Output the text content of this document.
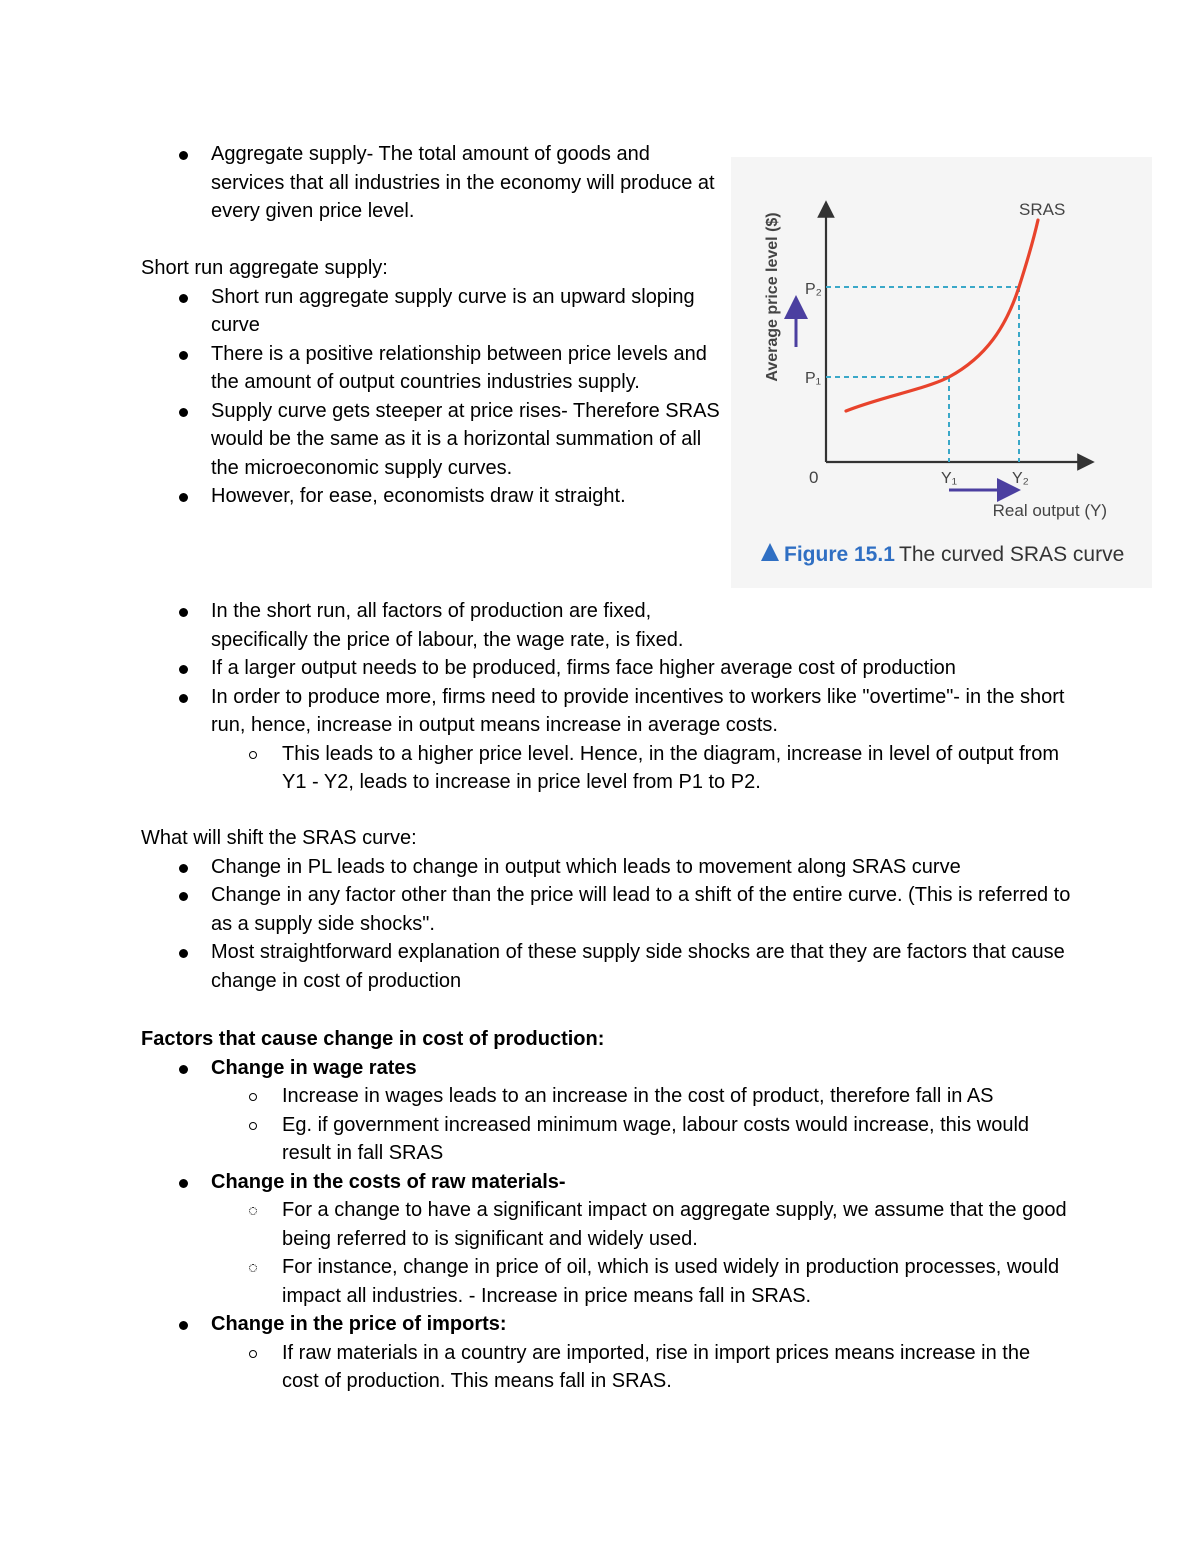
Aggregate supply- The total amount of goods and services that all industries in the economy will produce at every given price level.
Short run aggregate supply:
Short run aggregate supply curve is an upward sloping curve
There is a positive relationship between price levels and the amount of output countries industries supply.
Supply curve gets steeper at price rises- Therefore SRAS would be the same as it is a horizontal summation of all the microeconomic supply curves.
However, for ease, economists draw it straight.
Average price level ($)
SRAS
P₂
P₁
0	Y₁	Y₂
Real output (Y)
Figure 15.1 The curved SRAS curve
In the short run, all factors of production are fixed, specifically the price of labour, the wage rate, is fixed.
If a larger output needs to be produced, firms face higher average cost of production
In order to produce more, firms need to provide incentives to workers like "overtime"- in the short run, hence, increase in output means increase in average costs.
This leads to a higher price level. Hence, in the diagram, increase in level of output from Y1 - Y2, leads to increase in price level from P1 to P2.
What will shift the SRAS curve:
Change in PL leads to change in output which leads to movement along SRAS curve
Change in any factor other than the price will lead to a shift of the entire curve. (This is referred to as a supply side shocks".
Most straightforward explanation of these supply side shocks are that they are factors that cause change in cost of production
Factors that cause change in cost of production:
Change in wage rates
Increase in wages leads to an increase in the cost of product, therefore fall in AS
Eg. if government increased minimum wage, labour costs would increase, this would result in fall SRAS
Change in the costs of raw materials-
For a change to have a significant impact on aggregate supply, we assume that the good being referred to is significant and widely used.
For instance, change in price of oil, which is used widely in production processes, would impact all industries. - Increase in price means fall in SRAS.
Change in the price of imports:
If raw materials in a country are imported, rise in import prices means increase in the cost of production. This means fall in SRAS.
